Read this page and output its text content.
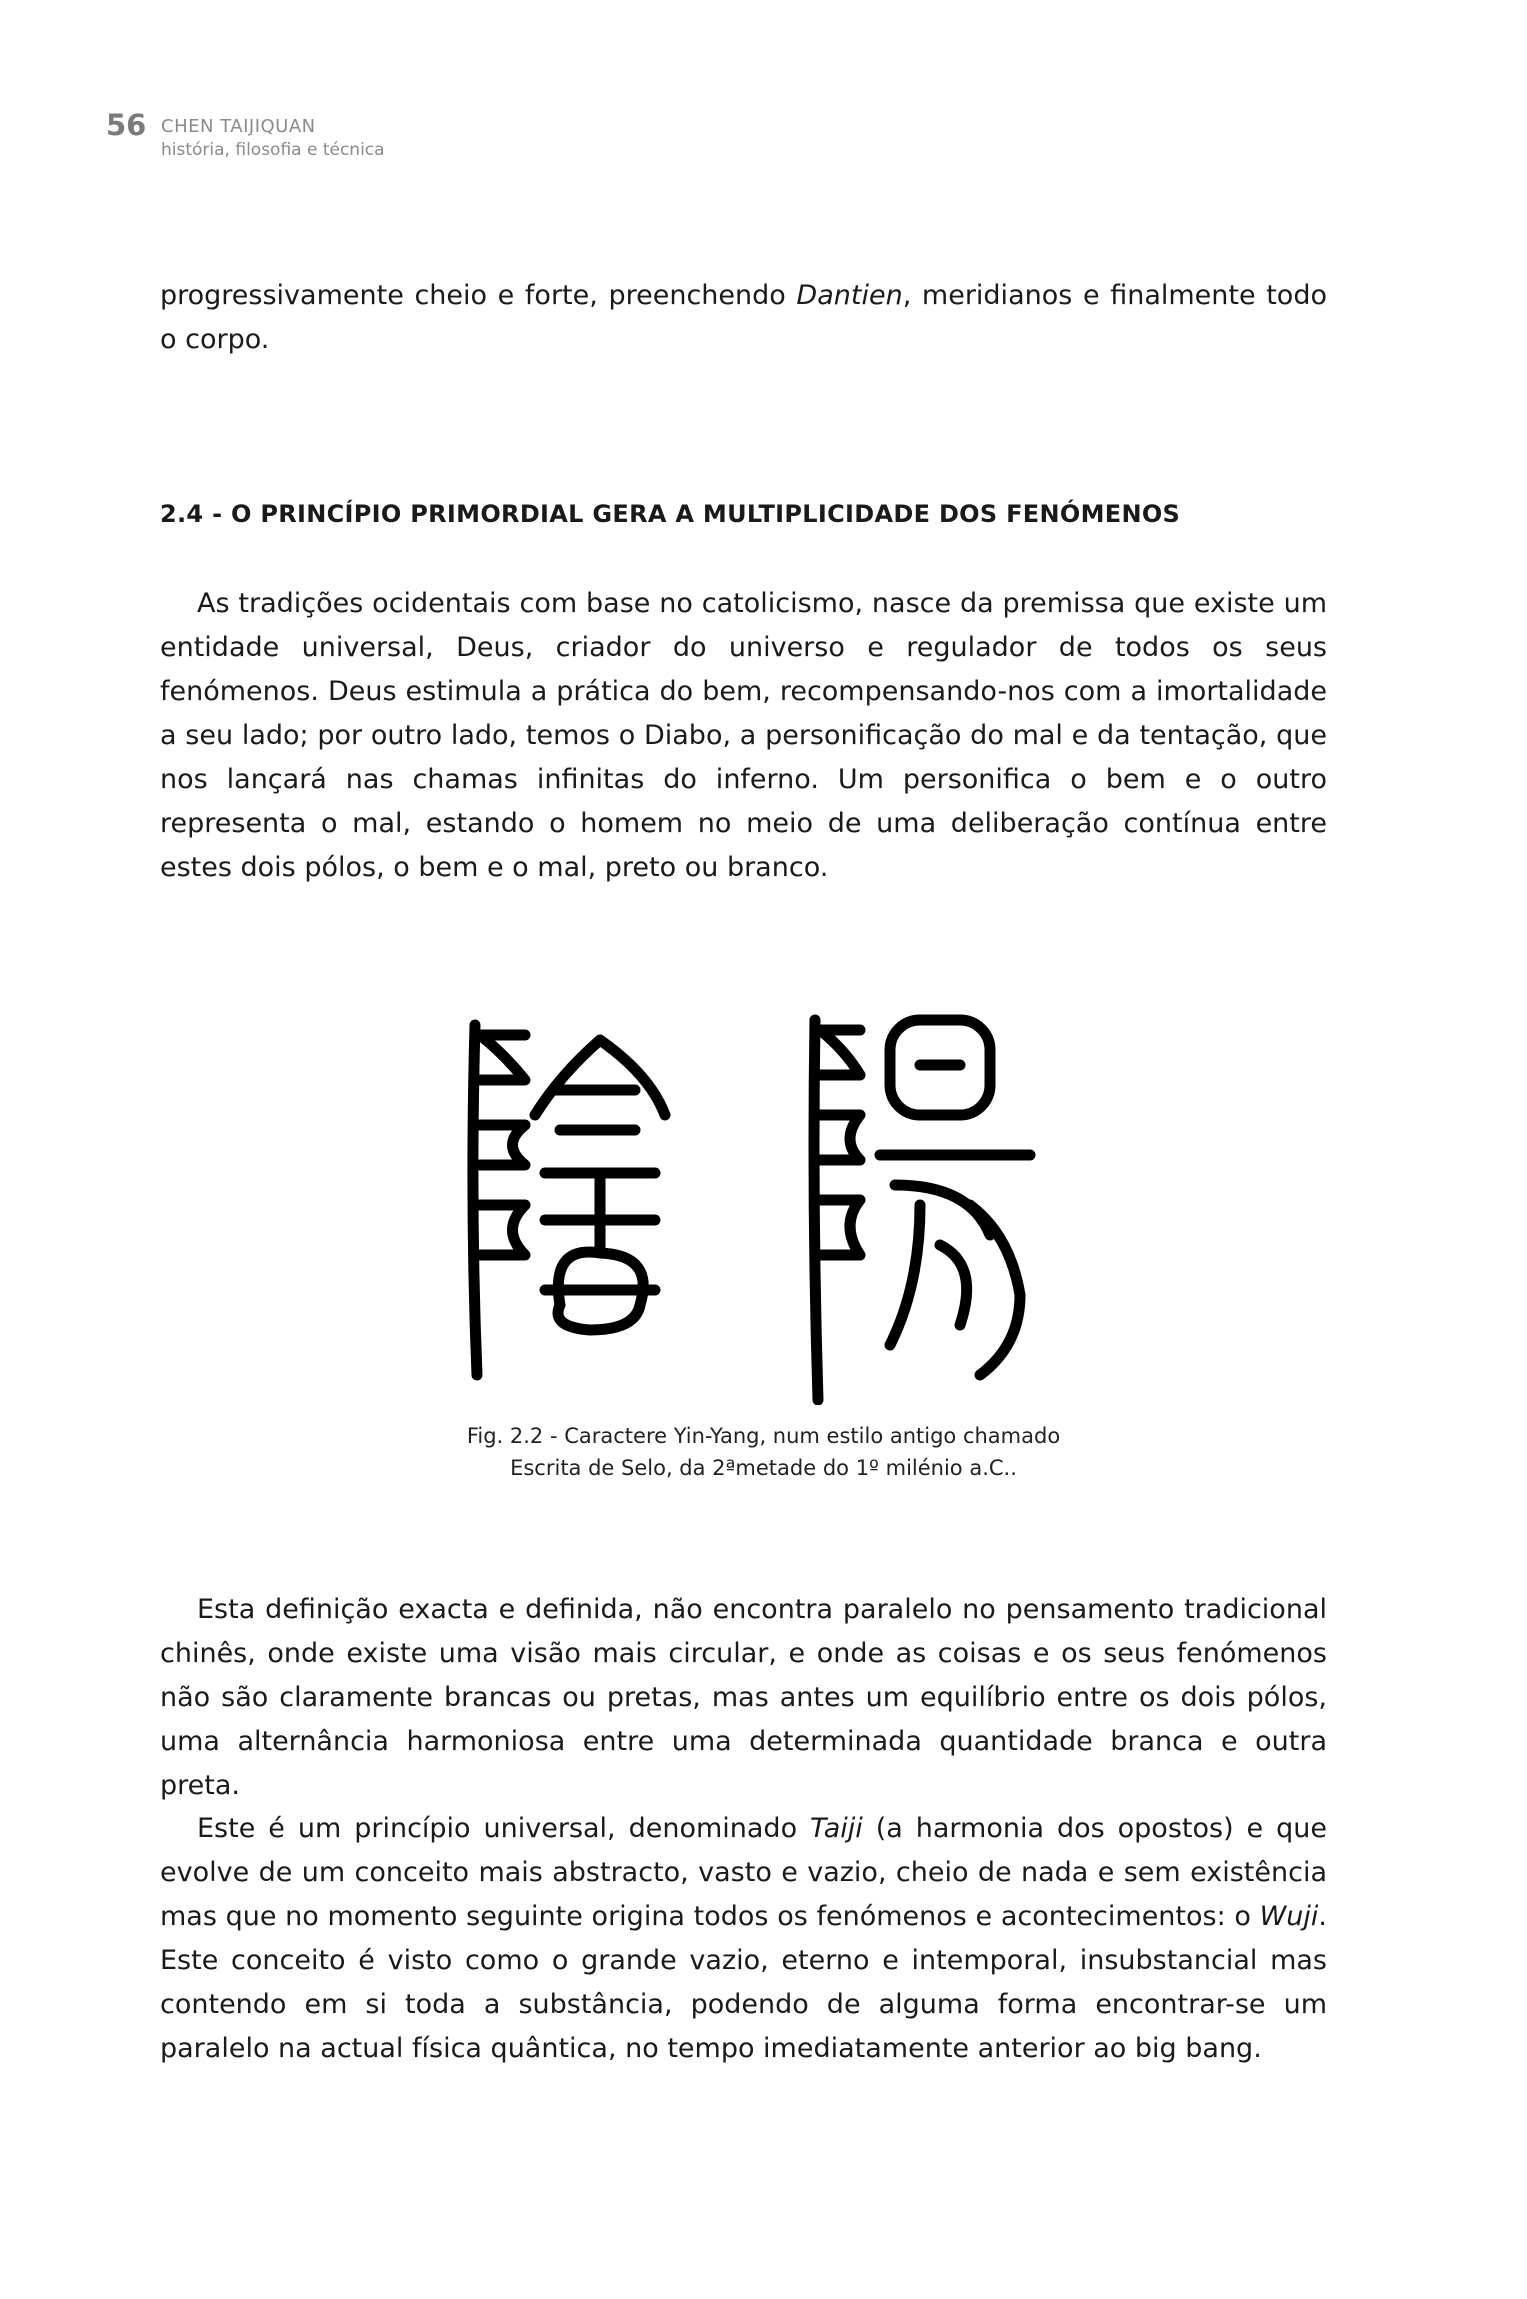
56 CHEN TAIJIQUAN
história, filosofia e técnica
progressivamente cheio e forte, preenchendo Dantien, meridianos e finalmente todo o corpo.
2.4 - O PRINCÍPIO PRIMORDIAL GERA A MULTIPLICIDADE DOS FENÓMENOS
As tradições ocidentais com base no catolicismo, nasce da premissa que existe um entidade universal, Deus, criador do universo e regulador de todos os seus fenómenos. Deus estimula a prática do bem, recompensando-nos com a imortalidade a seu lado; por outro lado, temos o Diabo, a personificação do mal e da tentação, que nos lançará nas chamas infinitas do inferno. Um personifica o bem e o outro representa o mal, estando o homem no meio de uma deliberação contínua entre estes dois pólos, o bem e o mal, preto ou branco.
Fig. 2.2 - Caractere Yin-Yang, num estilo antigo chamado
Escrita de Selo, da 2ªmetade do 1º milénio a.C..
Esta definição exacta e definida, não encontra paralelo no pensamento tradicional chinês, onde existe uma visão mais circular, e onde as coisas e os seus fenómenos não são claramente brancas ou pretas, mas antes um equilíbrio entre os dois pólos, uma alternância harmoniosa entre uma determinada quantidade branca e outra preta.
Este é um princípio universal, denominado Taiji (a harmonia dos opostos) e que evolve de um conceito mais abstracto, vasto e vazio, cheio de nada e sem existência mas que no momento seguinte origina todos os fenómenos e acontecimentos: o Wuji. Este conceito é visto como o grande vazio, eterno e intemporal, insubstancial mas contendo em si toda a substância, podendo de alguma forma encontrar-se um paralelo na actual física quântica, no tempo imediatamente anterior ao big bang.
